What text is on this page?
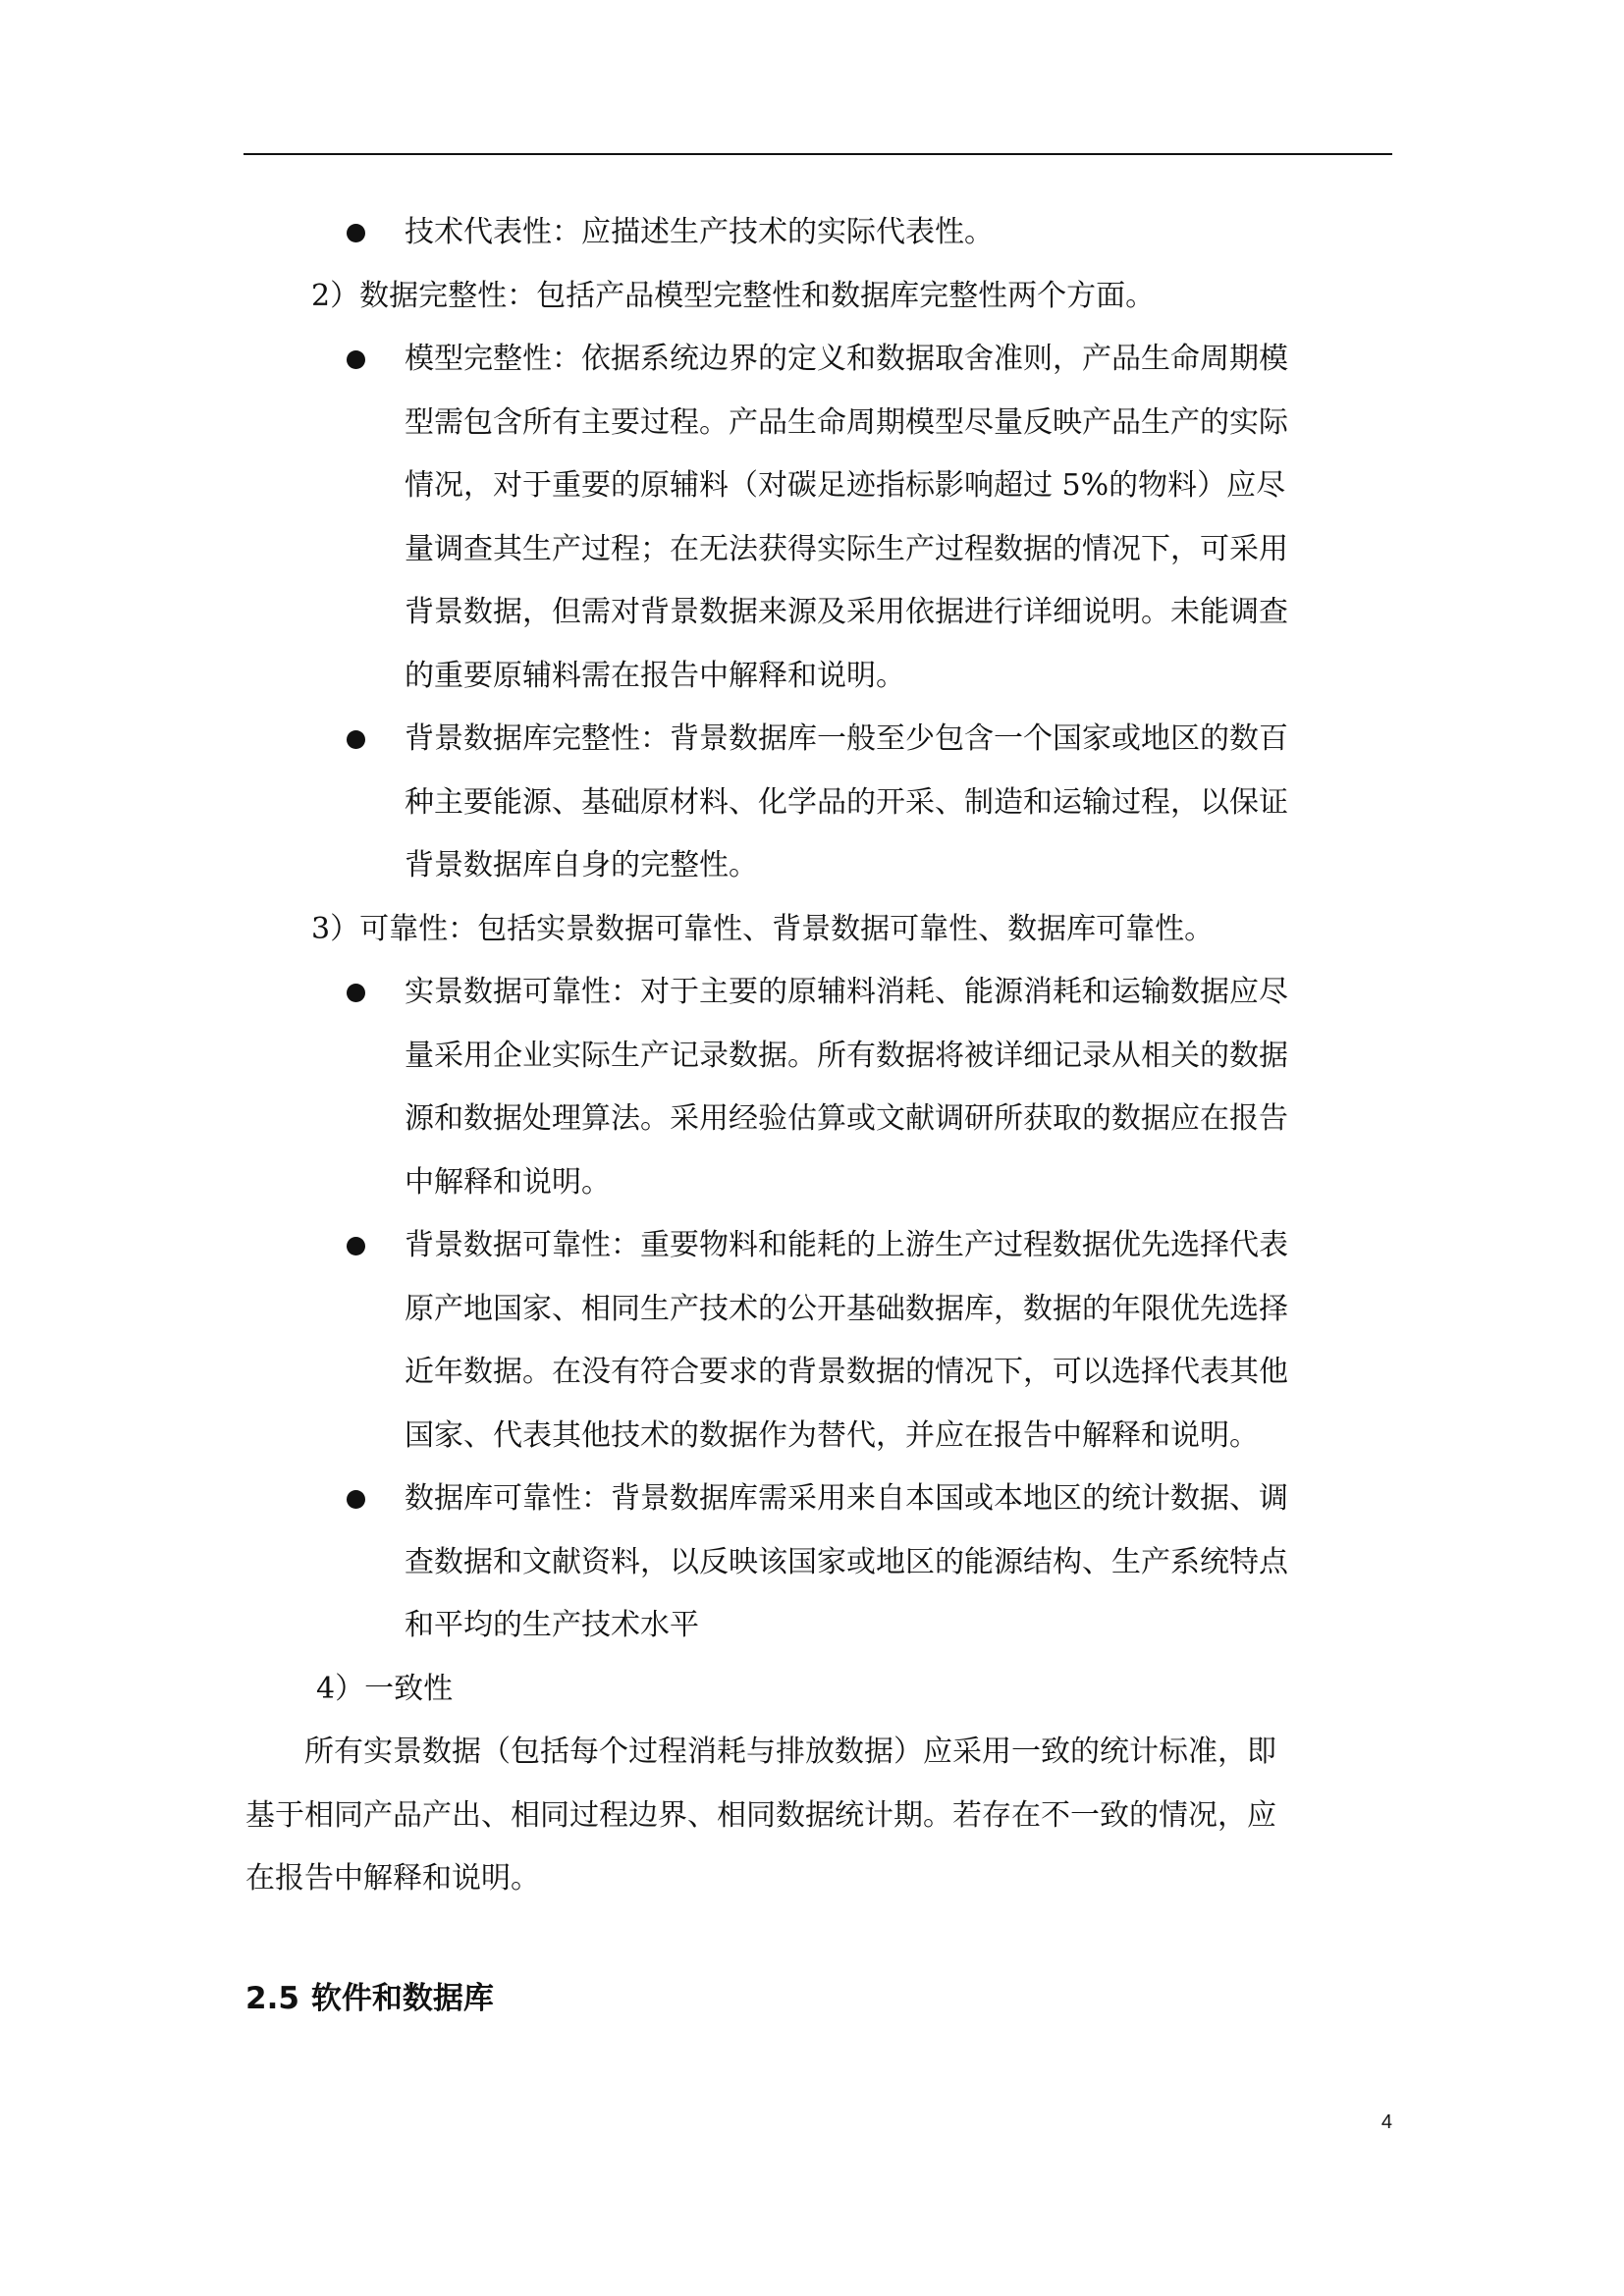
技术代表性：应描述生产技术的实际代表性。
2）数据完整性：包括产品模型完整性和数据库完整性两个方面。
模型完整性：依据系统边界的定义和数据取舍准则，产品生命周期模
型需包含所有主要过程。产品生命周期模型尽量反映产品生产的实际
情况，对于重要的原辅料（对碳足迹指标影响超过 5%的物料）应尽
量调查其生产过程；在无法获得实际生产过程数据的情况下，可采用
背景数据，但需对背景数据来源及采用依据进行详细说明。未能调查
的重要原辅料需在报告中解释和说明。
背景数据库完整性：背景数据库一般至少包含一个国家或地区的数百
种主要能源、基础原材料、化学品的开采、制造和运输过程，以保证
背景数据库自身的完整性。
3）可靠性：包括实景数据可靠性、背景数据可靠性、数据库可靠性。
实景数据可靠性：对于主要的原辅料消耗、能源消耗和运输数据应尽
量采用企业实际生产记录数据。所有数据将被详细记录从相关的数据
源和数据处理算法。采用经验估算或文献调研所获取的数据应在报告
中解释和说明。
背景数据可靠性：重要物料和能耗的上游生产过程数据优先选择代表
原产地国家、相同生产技术的公开基础数据库，数据的年限优先选择
近年数据。在没有符合要求的背景数据的情况下，可以选择代表其他
国家、代表其他技术的数据作为替代，并应在报告中解释和说明。
数据库可靠性：背景数据库需采用来自本国或本地区的统计数据、调
查数据和文献资料，以反映该国家或地区的能源结构、生产系统特点
和平均的生产技术水平
4）一致性
所有实景数据（包括每个过程消耗与排放数据）应采用一致的统计标准，即
基于相同产品产出、相同过程边界、相同数据统计期。若存在不一致的情况，应
在报告中解释和说明。
2.5 软件和数据库
4
